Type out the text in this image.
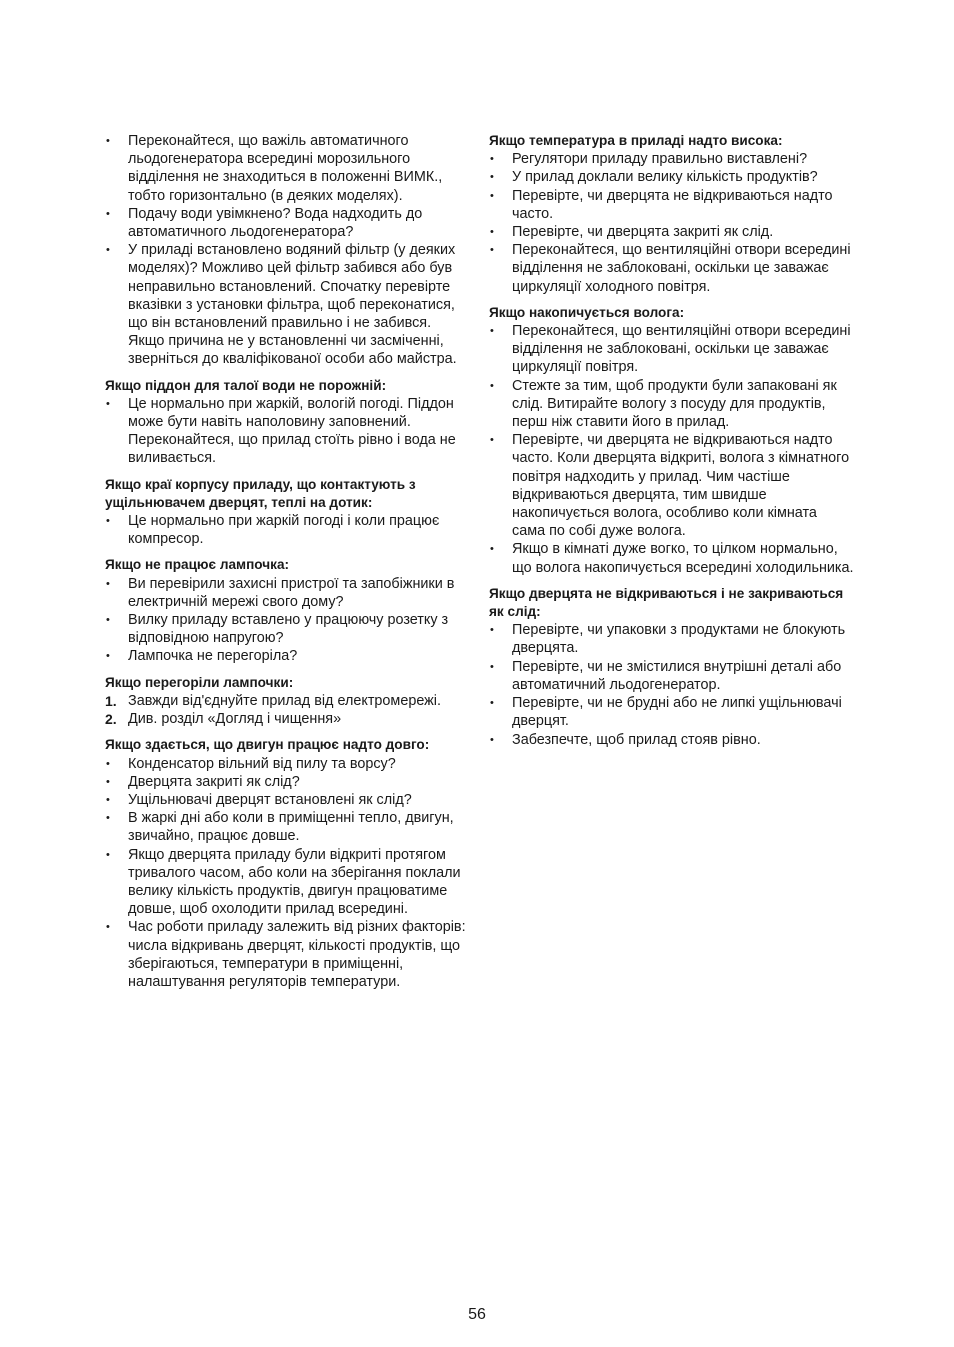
•	Переконайтеся, що важіль автоматичного льодогенератора всередині морозильного відділення не знаходиться в положенні ВИМК., тобто горизонтально (в деяких моделях).
•	Подачу води увімкнено? Вода надходить до автоматичного льодогенератора?
•	У приладі встановлено водяний фільтр (у деяких моделях)? Можливо цей фільтр забився або був неправильно встановлений. Спочатку перевірте вказівки з установки фільтра, щоб переконатися, що він встановлений правильно і не забився. Якщо причина не у встановленні чи засміченні, зверніться до кваліфікованої особи або майстра.

Якщо піддон для талої води не порожній:

•	Це нормально при жаркій, вологій погоді. Піддон може бути навіть наполовину заповнений. Переконайтеся, що прилад стоїть рівно і вода не виливається.

Якщо краї корпусу приладу, що контактують з ущільнювачем дверцят, теплі на дотик:

•	Це нормально при жаркій погоді і коли працює компресор.

Якщо не працює лампочка:

•	Ви перевірили захисні пристрої та запобіжники в електричній мережі свого дому?
•	Вилку приладу вставлено у працюючу розетку з відповідною напругою?
•	Лампочка не перегоріла?

Якщо перегоріли лампочки:

1. Завжди від'єднуйте прилад від електромережі.
2. Див. розділ «Догляд і чищення»

Якщо здається, що двигун працює надто довго:

•	Конденсатор вільний від пилу та ворсу?
•	Дверцята закриті як слід?
•	Ущільнювачі дверцят встановлені як слід?
•	В жаркі дні або коли в приміщенні тепло, двигун, звичайно, працює довше.
•	Якщо дверцята приладу були відкриті протягом тривалого часом, або коли на зберігання поклали велику кількість продуктів, двигун працюватиме довше, щоб охолодити прилад всередині.
•	Час роботи приладу залежить від різних факторів: числа відкривань дверцят, кількості продуктів, що зберігаються, температури в приміщенні, налаштування регуляторів температури.

Якщо температура в приладі надто висока:

•	Регулятори приладу правильно виставлені?
•	У прилад доклали велику кількість продуктів?
•	Перевірте, чи дверцята не відкриваються надто часто.
•	Перевірте, чи дверцята закриті як слід.
•	Переконайтеся, що вентиляційні отвори всередині відділення не заблоковані, оскільки це заважає циркуляції холодного повітря.

Якщо накопичується волога:

•	Переконайтеся, що вентиляційні отвори всередині відділення не заблоковані, оскільки це заважає циркуляції повітря.
•	Стежте за тим, щоб продукти були запаковані як слід. Витирайте вологу з посуду для продуктів, перш ніж ставити його в прилад.
•	Перевірте, чи дверцята не відкриваються надто часто. Коли дверцята відкриті, волога з кімнатного повітря надходить у прилад. Чим частіше відкриваються дверцята, тим швидше накопичується волога, особливо коли кімната сама по собі дуже волога.
•	Якщо в кімнаті дуже вогко, то цілком нормально, що волога накопичується всередині холодильника.

Якщо дверцята не відкриваються і не закриваються як слід:

•	Перевірте, чи упаковки з продуктами не блокують дверцята.
•	Перевірте, чи не змістилися внутрішні деталі або автоматичний льодогенератор.
•	Перевірте, чи не брудні або не липкі ущільнювачі дверцят.
•	Забезпечте, щоб прилад стояв рівно.
56
